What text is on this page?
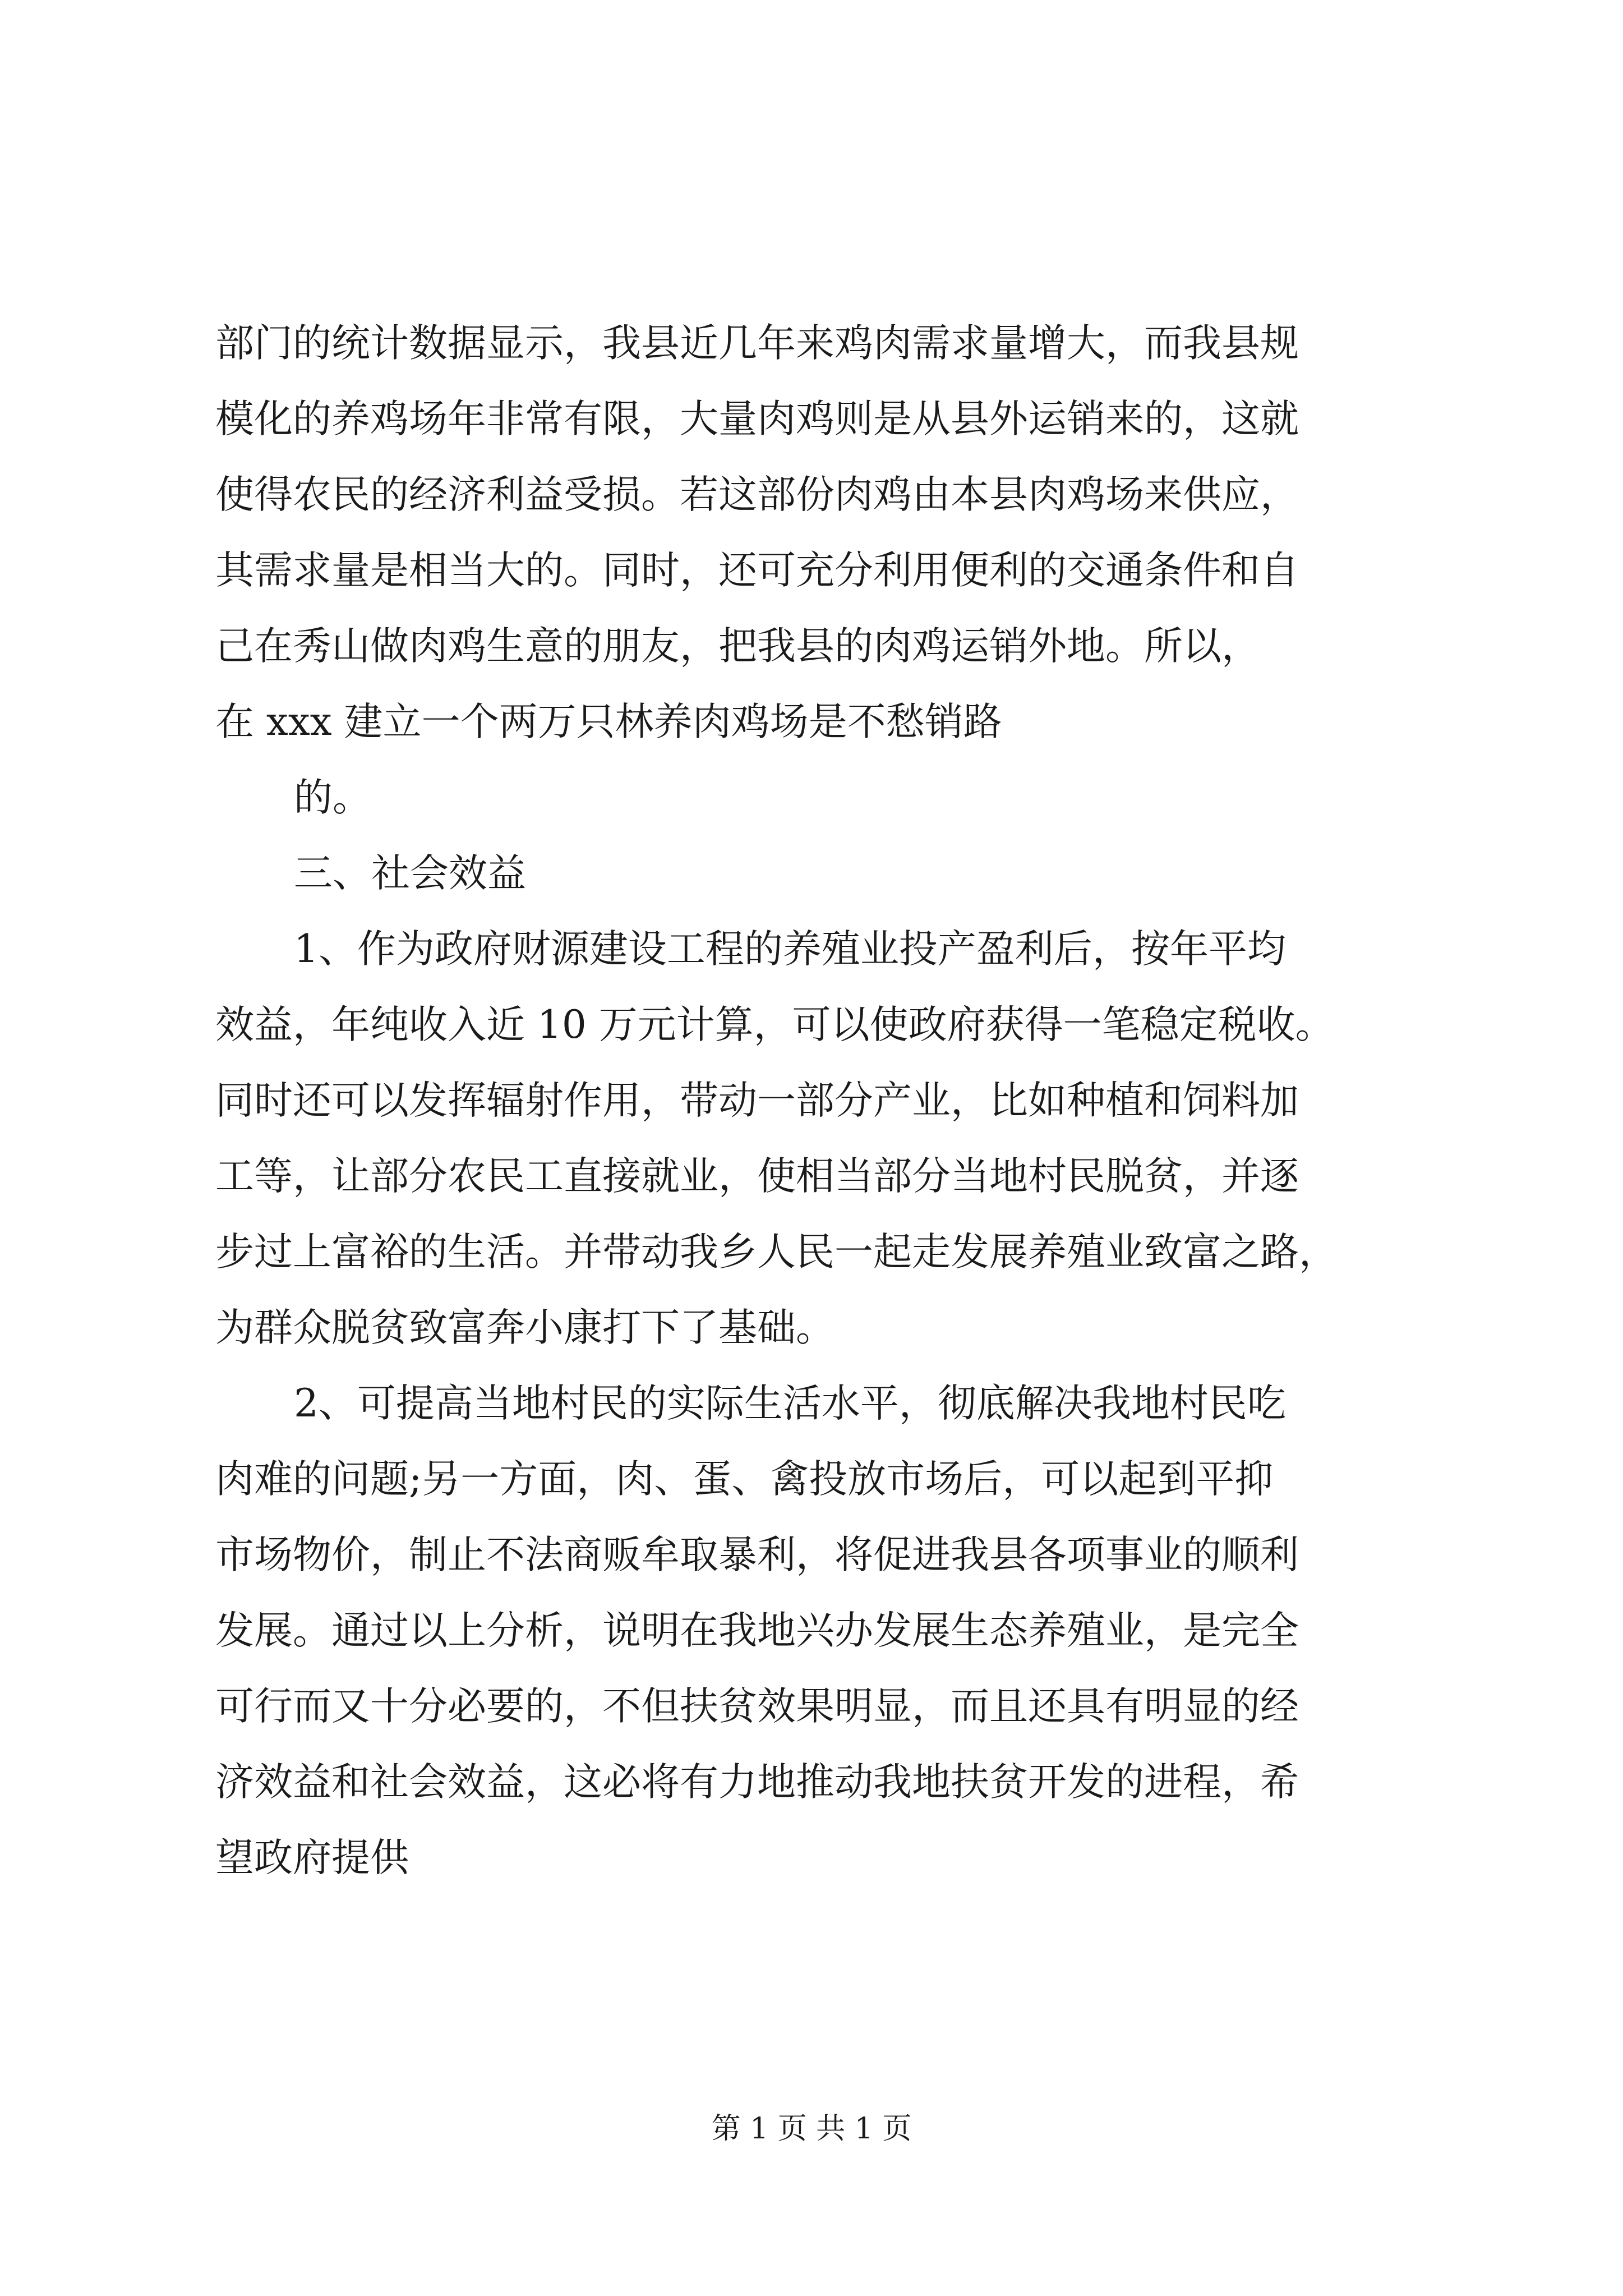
部门的统计数据显示，我县近几年来鸡肉需求量增大，而我县规
模化的养鸡场年非常有限，大量肉鸡则是从县外运销来的，这就
使得农民的经济利益受损。若这部份肉鸡由本县肉鸡场来供应，
其需求量是相当大的。同时，还可充分利用便利的交通条件和自
己在秀山做肉鸡生意的朋友，把我县的肉鸡运销外地。所以，
在 xxx 建立一个两万只林养肉鸡场是不愁销路
的。
三、社会效益
1、作为政府财源建设工程的养殖业投产盈利后，按年平均
效益，年纯收入近 10 万元计算，可以使政府获得一笔稳定税收。
同时还可以发挥辐射作用，带动一部分产业，比如种植和饲料加
工等，让部分农民工直接就业，使相当部分当地村民脱贫，并逐
步过上富裕的生活。并带动我乡人民一起走发展养殖业致富之路，
为群众脱贫致富奔小康打下了基础。
2、可提高当地村民的实际生活水平，彻底解决我地村民吃
肉难的问题;另一方面，肉、蛋、禽投放市场后，可以起到平抑
市场物价，制止不法商贩牟取暴利，将促进我县各项事业的顺利
发展。通过以上分析，说明在我地兴办发展生态养殖业，是完全
可行而又十分必要的，不但扶贫效果明显，而且还具有明显的经
济效益和社会效益，这必将有力地推动我地扶贫开发的进程，希
望政府提供
第 1 页 共 1 页
